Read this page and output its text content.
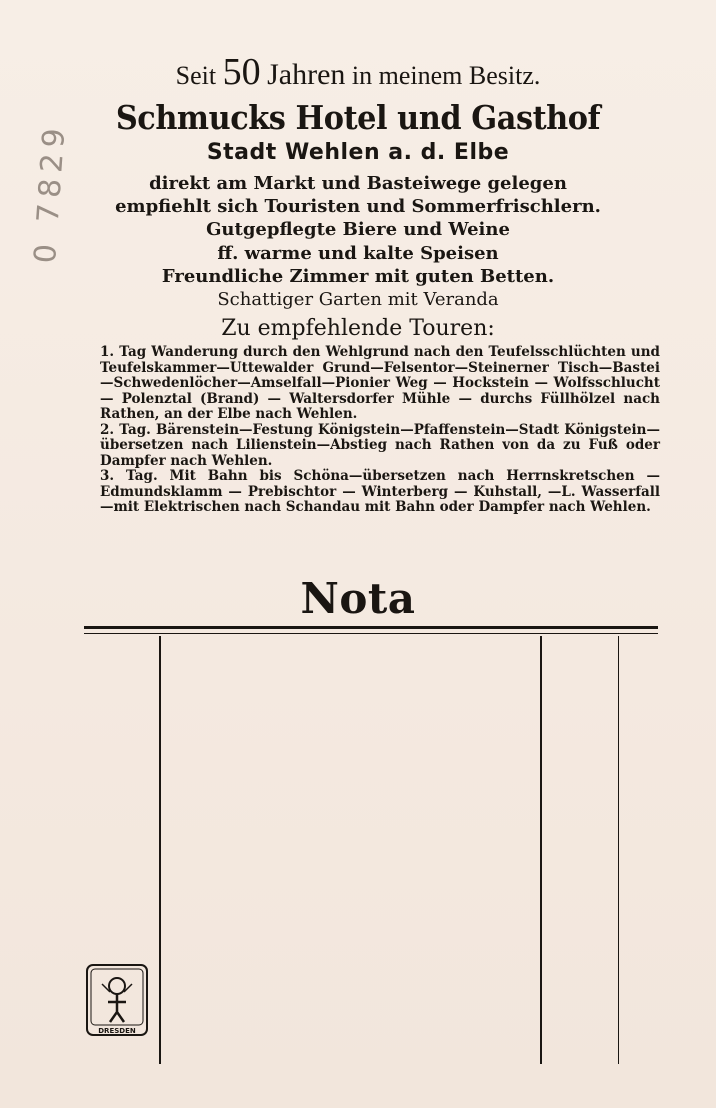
Seit 50 Jahren in meinem Besitz.
Schmucks Hotel und Gasthof
Stadt Wehlen a. d. Elbe
direkt am Markt und Basteiwege gelegen
empfiehlt sich Touristen und Sommerfrischlern.
Gutgepflegte Biere und Weine
ff. warme und kalte Speisen
Freundliche Zimmer mit guten Betten.
Schattiger Garten mit Veranda
Zu empfehlende Touren:

1. Tag Wanderung durch den Wehlgrund nach den Teufelsschlüchten und Teufelskammer—Uttewalder Grund—Felsentor—Steinerner Tisch—Bastei—Schwedenlöcher—Amselfall—Pionier Weg — Hockstein — Wolfsschlucht — Polenztal (Brand) — Waltersdorfer Mühle — durchs Füllhölzel nach Rathen, an der Elbe nach Wehlen.

2. Tag. Bärenstein—Festung Königstein—Pfaffenstein—Stadt Königstein—übersetzen nach Lilienstein—Abstieg nach Rathen von da zu Fuß oder Dampfer nach Wehlen.

3. Tag. Mit Bahn bis Schöna—übersetzen nach Herrnskretschen — Edmundsklamm — Prebischtor — Winterberg — Kuhstall, —L. Wasserfall—mit Elektrischen nach Schandau mit Bahn oder Dampfer nach Wehlen.

Nota
0 7829
DRESDEN
